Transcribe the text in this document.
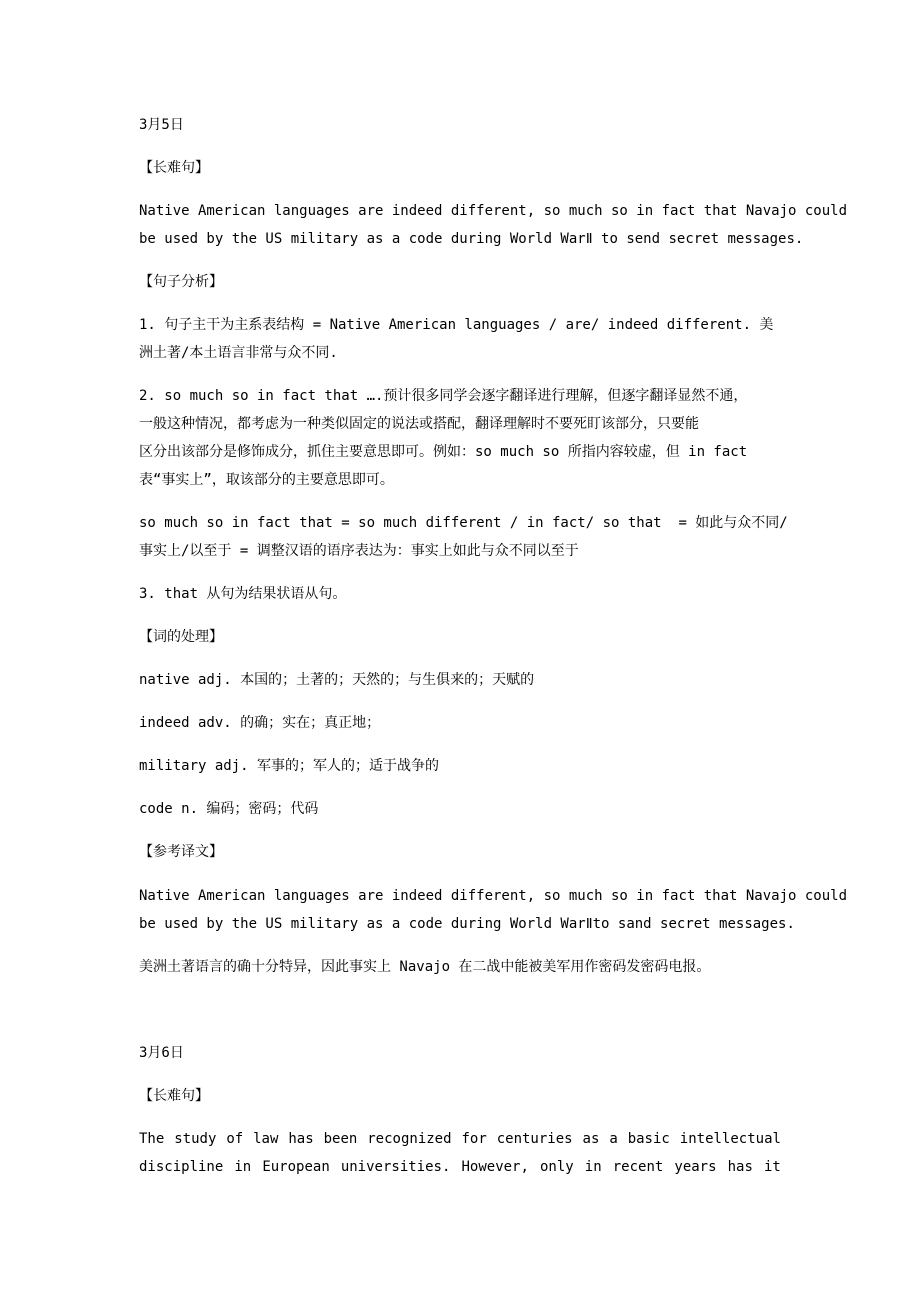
3月5日
【长难句】
Native American languages are indeed different, so much so in fact that Navajo could
be used by the US military as a code during World WarⅡ to send secret messages.
【句子分析】
1. 句子主干为主系表结构 = Native American languages / are/ indeed different. 美
洲土著/本土语言非常与众不同.
2. so much so in fact that ….预计很多同学会逐字翻译进行理解，但逐字翻译显然不通，
一般这种情况，都考虑为一种类似固定的说法或搭配，翻译理解时不要死盯该部分，只要能
区分出该部分是修饰成分，抓住主要意思即可。例如：so much so 所指内容较虚，但 in fact
表“事实上”，取该部分的主要意思即可。
so much so in fact that = so much different / in fact/ so that  = 如此与众不同/
事实上/以至于 = 调整汉语的语序表达为：事实上如此与众不同以至于
3. that 从句为结果状语从句。
【词的处理】
native adj. 本国的；土著的；天然的；与生俱来的；天赋的
indeed adv. 的确；实在；真正地；
military adj. 军事的；军人的；适于战争的
code n. 编码；密码；代码
【参考译文】
Native American languages are indeed different, so much so in fact that Navajo could
be used by the US military as a code during World WarⅡto sand secret messages.
美洲土著语言的确十分特异，因此事实上 Navajo 在二战中能被美军用作密码发密码电报。
3月6日
【长难句】
The study of law has been recognized for centuries as a basic intellectual
discipline in European universities. However, only in recent years has it
